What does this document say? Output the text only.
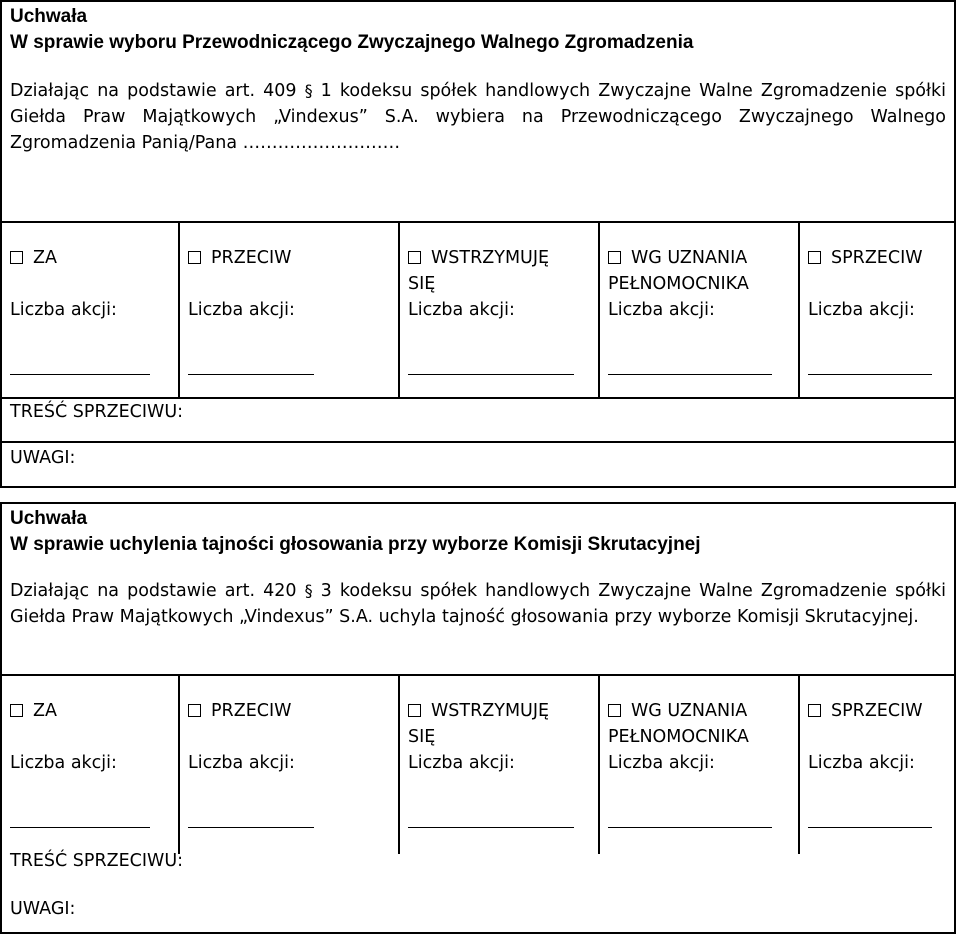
Uchwała

W sprawie wyboru Przewodniczącego Zwyczajnego Walnego Zgromadzenia

Działając na podstawie art. 409 § 1 kodeksu spółek handlowych Zwyczajne Walne Zgromadzenie spółki Giełda Praw Majątkowych „Vindexus” S.A. wybiera na Przewodniczącego Zwyczajnego Walnego Zgromadzenia Panią/Pana ………………………

ZA
Liczba akcji:
PRZECIW
Liczba akcji:
WSTRZYMUJĘ
SIĘ
Liczba akcji:
WG UZNANIA
PEŁNOMOCNIKA
Liczba akcji:
SPRZECIW
Liczba akcji:
TREŚĆ SPRZECIWU:
UWAGI:

Uchwała

W sprawie uchylenia tajności głosowania przy wyborze Komisji Skrutacyjnej

Działając na podstawie art. 420 § 3 kodeksu spółek handlowych Zwyczajne Walne Zgromadzenie spółki Giełda Praw Majątkowych „Vindexus” S.A. uchyla tajność głosowania przy wyborze Komisji Skrutacyjnej.

ZA
Liczba akcji:
PRZECIW
Liczba akcji:
WSTRZYMUJĘ
SIĘ
Liczba akcji:
WG UZNANIA
PEŁNOMOCNIKA
Liczba akcji:
SPRZECIW
Liczba akcji:
TREŚĆ SPRZECIWU:
UWAGI:
